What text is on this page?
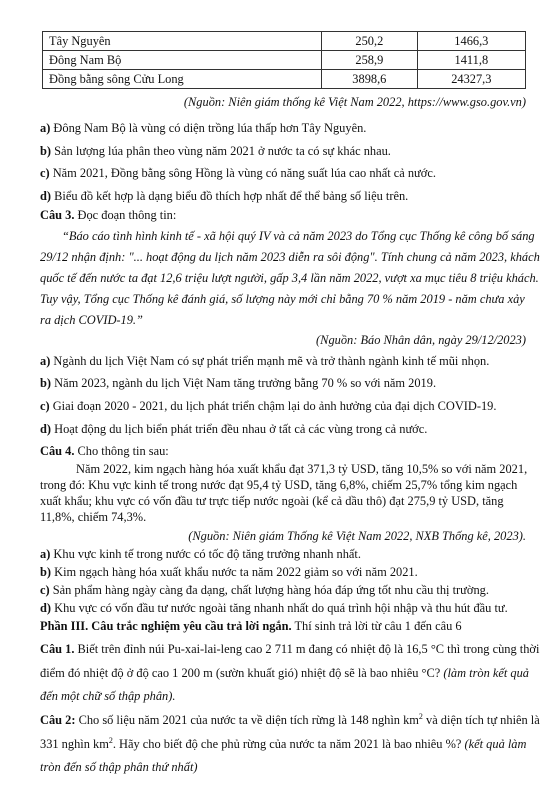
Tây Nguyên	250,2	1466,3
Đông Nam Bộ	258,9	1411,8
Đồng bằng sông Cửu Long	3898,6	24327,3
(Nguồn: Niên giám thống kê Việt Nam 2022, https://www.gso.gov.vn)
a) Đông Nam Bộ là vùng có diện trồng lúa thấp hơn Tây Nguyên.
b) Sản lượng lúa phân theo vùng năm 2021 ở nước ta có sự khác nhau.
c) Năm 2021, Đồng bằng sông Hồng là vùng có năng suất lúa cao nhất cả nước.
d) Biểu đồ kết hợp là dạng biểu đồ thích hợp nhất để thể bảng số liệu trên.
Câu 3. Đọc đoạn thông tin:
“Báo cáo tình hình kinh tế - xã hội quý IV và cả năm 2023 do Tổng cục Thống kê công bố sáng
29/12 nhận định: "... hoạt động du lịch năm 2023 diễn ra sôi động". Tính chung cả năm 2023, khách
quốc tế đến nước ta đạt 12,6 triệu lượt người, gấp 3,4 lần năm 2022, vượt xa mục tiêu 8 triệu khách.
Tuy vậy, Tổng cục Thống kê đánh giá, số lượng này mới chỉ bằng 70 % năm 2019 - năm chưa xảy
ra dịch COVID-19.”
(Nguồn: Báo Nhân dân, ngày 29/12/2023)
a) Ngành du lịch Việt Nam có sự phát triển mạnh mẽ và trở thành ngành kinh tế mũi nhọn.
b) Năm 2023, ngành du lịch Việt Nam tăng trưởng bằng 70 % so với năm 2019.
c) Giai đoạn 2020 - 2021, du lịch phát triển chậm lại do ảnh hưởng của đại dịch COVID-19.
d) Hoạt động du lịch biển phát triển đều nhau ở tất cả các vùng trong cả nước.
Câu 4. Cho thông tin sau:
Năm 2022, kim ngạch hàng hóa xuất khẩu đạt 371,3 tỷ USD, tăng 10,5% so với năm 2021,
trong đó: Khu vực kinh tế trong nước đạt 95,4 tỷ USD, tăng 6,8%, chiếm 25,7% tổng kim ngạch
xuất khẩu; khu vực có vốn đầu tư trực tiếp nước ngoài (kể cả dầu thô) đạt 275,9 tỷ USD, tăng
11,8%, chiếm 74,3%.
(Nguồn: Niên giám Thống kê Việt Nam 2022, NXB Thống kê, 2023).
a) Khu vực kinh tế trong nước có tốc độ tăng trưởng nhanh nhất.
b) Kim ngạch hàng hóa xuất khẩu nước ta năm 2022 giảm so với năm 2021.
c) Sản phẩm hàng ngày càng đa dạng, chất lượng hàng hóa đáp ứng tốt nhu cầu thị trường.
d) Khu vực có vốn đầu tư nước ngoài tăng nhanh nhất do quá trình hội nhập và thu hút đầu tư.
Phần III. Câu trắc nghiệm yêu cầu trả lời ngắn. Thí sinh trả lời từ câu 1 đến câu 6
Câu 1. Biết trên đỉnh núi Pu-xai-lai-leng cao 2 711 m đang có nhiệt độ là 16,5 °C thì trong cùng thời
điểm đó nhiệt độ ở độ cao 1 200 m (sườn khuất gió) nhiệt độ sẽ là bao nhiêu °C? (làm tròn kết quả
đến một chữ số thập phân).
Câu 2: Cho số liệu năm 2021 của nước ta về diện tích rừng là 148 nghìn $km^2$ và diện tích tự nhiên là
331 nghìn $km^2$. Hãy cho biết độ che phủ rừng của nước ta năm 2021 là bao nhiêu %? (kết quả làm
tròn đến số thập phân thứ nhất)
